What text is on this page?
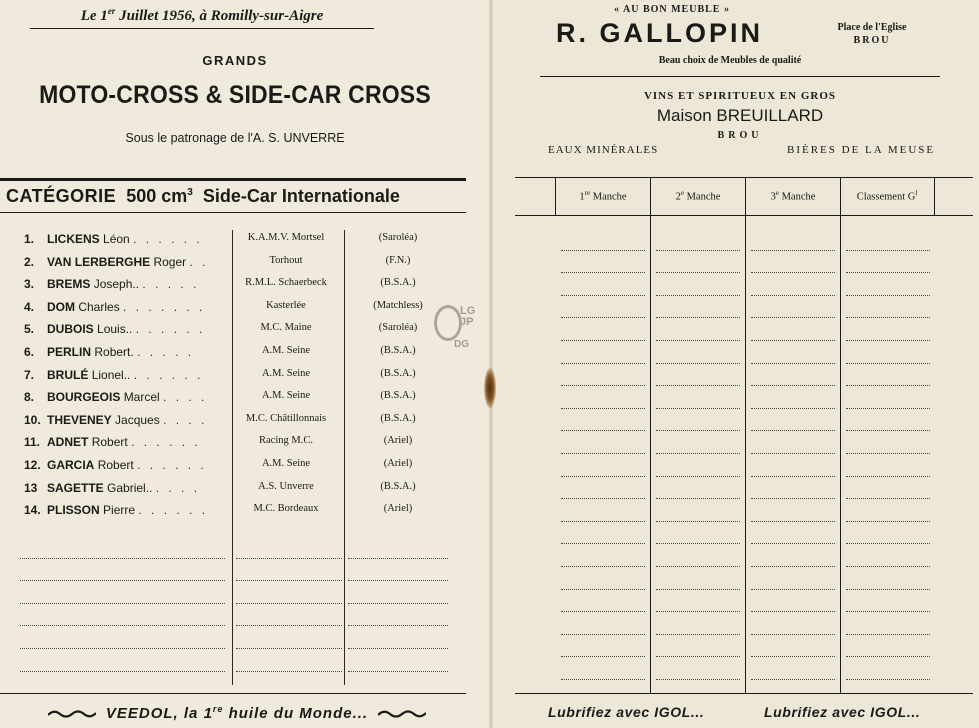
Le 1er Juillet 1956, à Romilly-sur-Aigre
GRANDS
MOTO-CROSS & SIDE-CAR CROSS
Sous le patronage de l'A. S. UNVERRE
CATÉGORIE 500 $cm^3$ Side-Car Internationale
1.	LICKENS Léon . . . . . .	K.A.M.V. Mortsel	(Saroléa)
2.	VAN LERBERGHE Roger . .	Torhout	(F.N.)
3.	BREMS Joseph.. . . . . .	R.M.L. Schaerbeck	(B.S.A.)
4.	DOM Charles . . . . . . .	Kasterlée	(Matchless)
5.	DUBOIS Louis.. . . . . . .	M.C. Maine	(Saroléa)
6.	PERLIN Robert. . . . . .	A.M. Seine	(B.S.A.)
7.	BRULÉ Lionel.. . . . . . .	A.M. Seine	(B.S.A.)
8.	BOURGEOIS Marcel . . . .	A.M. Seine	(B.S.A.)
10. THEVENEY Jacques . . . .	M.C. Châtillonnais	(B.S.A.)
11. ADNET Robert . . . . . .	Racing M.C.	(Ariel)
12. GARCIA Robert . . . . . .	A.M. Seine	(Ariel)
13 SAGETTE Gabriel.. . . . .	A.S. Unverre	(B.S.A.)
14. PLISSON Pierre . . . . . .	M.C. Bordeaux	(Ariel)
VEEDOL, la 1re huile du Monde...
LG
JP
DG
« AU BON MEUBLE »
R. GALLOPIN	Place de l'Eglise
BROU
Beau choix de Meubles de qualité
VINS ET SPIRITUEUX EN GROS
Maison BREUILLARD
BROU
EAUX MINÉRALES	BIÈRES DE LA MEUSE
1re Manche	2e Manche	3e Manche	Classement $G^l$
Lubrifiez avec IGOL...	Lubrifiez avec IGOL...
